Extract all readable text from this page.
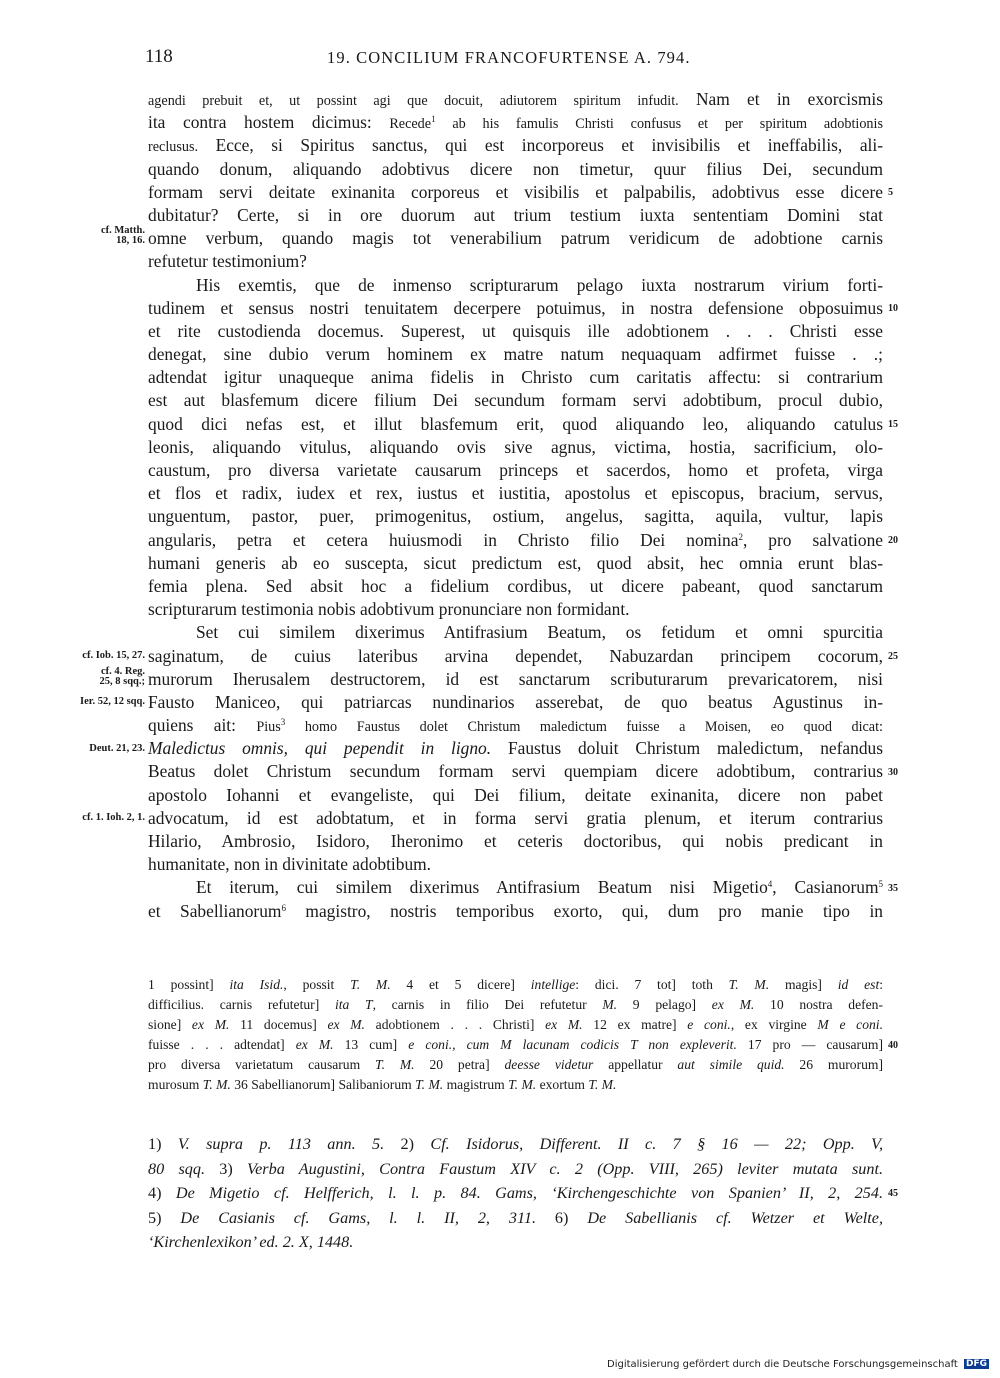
118	19. CONCILIUM FRANCOFURTENSE A. 794.
agendi prebuit et, ut possint agi que docuit, adiutorem spiritum infudit. Nam et in exorcismis
ita contra hostem dicimus: Recede$^1$ ab his famulis Christi confusus et per spiritum adobtionis
reclusus. Ecce, si Spiritus sanctus, qui est incorporeus et invisibilis et ineffabilis, ali-
quando donum, aliquando adobtivus dicere non timetur, quur filius Dei, secundum
formam servi deitate exinanita corporeus et visibilis et palpabilis, adobtivus esse dicere
dubitatur? Certe, si in ore duorum aut trium testium iuxta sententiam Domini stat
omne verbum, quando magis tot venerabilium patrum veridicum de adobtione carnis
refutetur testimonium?
His exemtis, que de inmenso scripturarum pelago iuxta nostrarum virium forti-
tudinem et sensus nostri tenuitatem decerpere potuimus, in nostra defensione obposuimus
et rite custodienda docemus. Superest, ut quisquis ille adobtionem . . . Christi esse
denegat, sine dubio verum hominem ex matre natum nequaquam adfirmet fuisse . .;
adtendat igitur unaqueque anima fidelis in Christo cum caritatis affectu: si contrarium
est aut blasfemum dicere filium Dei secundum formam servi adobtibum, procul dubio,
quod dici nefas est, et illut blasfemum erit, quod aliquando leo, aliquando catulus
leonis, aliquando vitulus, aliquando ovis sive agnus, victima, hostia, sacrificium, olo-
caustum, pro diversa varietate causarum princeps et sacerdos, homo et profeta, virga
et flos et radix, iudex et rex, iustus et iustitia, apostolus et episcopus, bracium, servus,
unguentum, pastor, puer, primogenitus, ostium, angelus, sagitta, aquila, vultur, lapis
angularis, petra et cetera huiusmodi in Christo filio Dei nomina$^2$, pro salvatione
humani generis ab eo suscepta, sicut predictum est, quod absit, hec omnia erunt blas-
femia plena. Sed absit hoc a fidelium cordibus, ut dicere pabeant, quod sanctarum
scripturarum testimonia nobis adobtivum pronunciare non formidant.
Set cui similem dixerimus Antifrasium Beatum, os fetidum et omni spurcitia
saginatum, de cuius lateribus arvina dependet, Nabuzardan principem cocorum,
murorum Iherusalem destructorem, id est sanctarum scributurarum prevaricatorem, nisi
Fausto Maniceo, qui patriarcas nundinarios asserebat, de quo beatus Agustinus in-
quiens ait: Pius$^3$ homo Faustus dolet Christum maledictum fuisse a Moisen, eo quod dicat:
Maledictus omnis, qui pependit in ligno. Faustus doluit Christum maledictum, nefandus
Beatus dolet Christum secundum formam servi quempiam dicere adobtibum, contrarius
apostolo Iohanni et evangeliste, qui Dei filium, deitate exinanita, dicere non pabet
advocatum, id est adobtatum, et in forma servi gratia plenum, et iterum contrarius
Hilario, Ambrosio, Isidoro, Iheronimo et ceteris doctoribus, qui nobis predicant in
humanitate, non in divinitate adobtibum.
Et iterum, cui similem dixerimus Antifrasium Beatum nisi Migetio$^4$, Casianorum$^5$
et Sabellianorum$^6$ magistro, nostris temporibus exorto, qui, dum pro manie tipo in
1 possint] ita Isid., possit T. M. 4 et 5 dicere] intellige: dici. 7 tot] toth T. M. magis] id est:
difficilius. carnis refutetur] ita T, carnis in filio Dei refutetur M. 9 pelago] ex M. 10 nostra defen-
sione] ex M. 11 docemus] ex M. adobtionem . . . Christi] ex M. 12 ex matre] e coni., ex virgine M e coni.
fuisse . . . adtendat] ex M. 13 cum] e coni., cum M lacunam codicis T non expleverit. 17 pro — causarum]
pro diversa varietatum causarum T. M. 20 petra] deesse videtur appellatur aut simile quid. 26 murorum]
murosum T. M. 36 Sabellianorum] Salibaniorum T. M. magistrum T. M. exortum T. M.
1) V. supra p. 113 ann. 5. 2) Cf. Isidorus, Different. II c. 7 § 16 — 22; Opp. V,
80 sqq. 3) Verba Augustini, Contra Faustum XIV c. 2 (Opp. VIII, 265) leviter mutata sunt.
4) De Migetio cf. Helfferich, l. l. p. 84. Gams, ‘Kirchengeschichte von Spanien’ II, 2, 254.
5) De Casianis cf. Gams, l. l. II, 2, 311. 6) De Sabellianis cf. Wetzer et Welte,
‘Kirchenlexikon’ ed. 2. X, 1448.
Digitalisierung gefördert durch die Deutsche Forschungsgemeinschaft DFG
5
10
15
20
25
30
35
cf. Matth.
18, 16.
cf. Iob. 15, 27.
cf. 4. Reg.
25, 8 sqq.;
Ier. 52, 12 sqq.
Deut. 21, 23.
cf. 1. Ioh. 2, 1.
40
45
